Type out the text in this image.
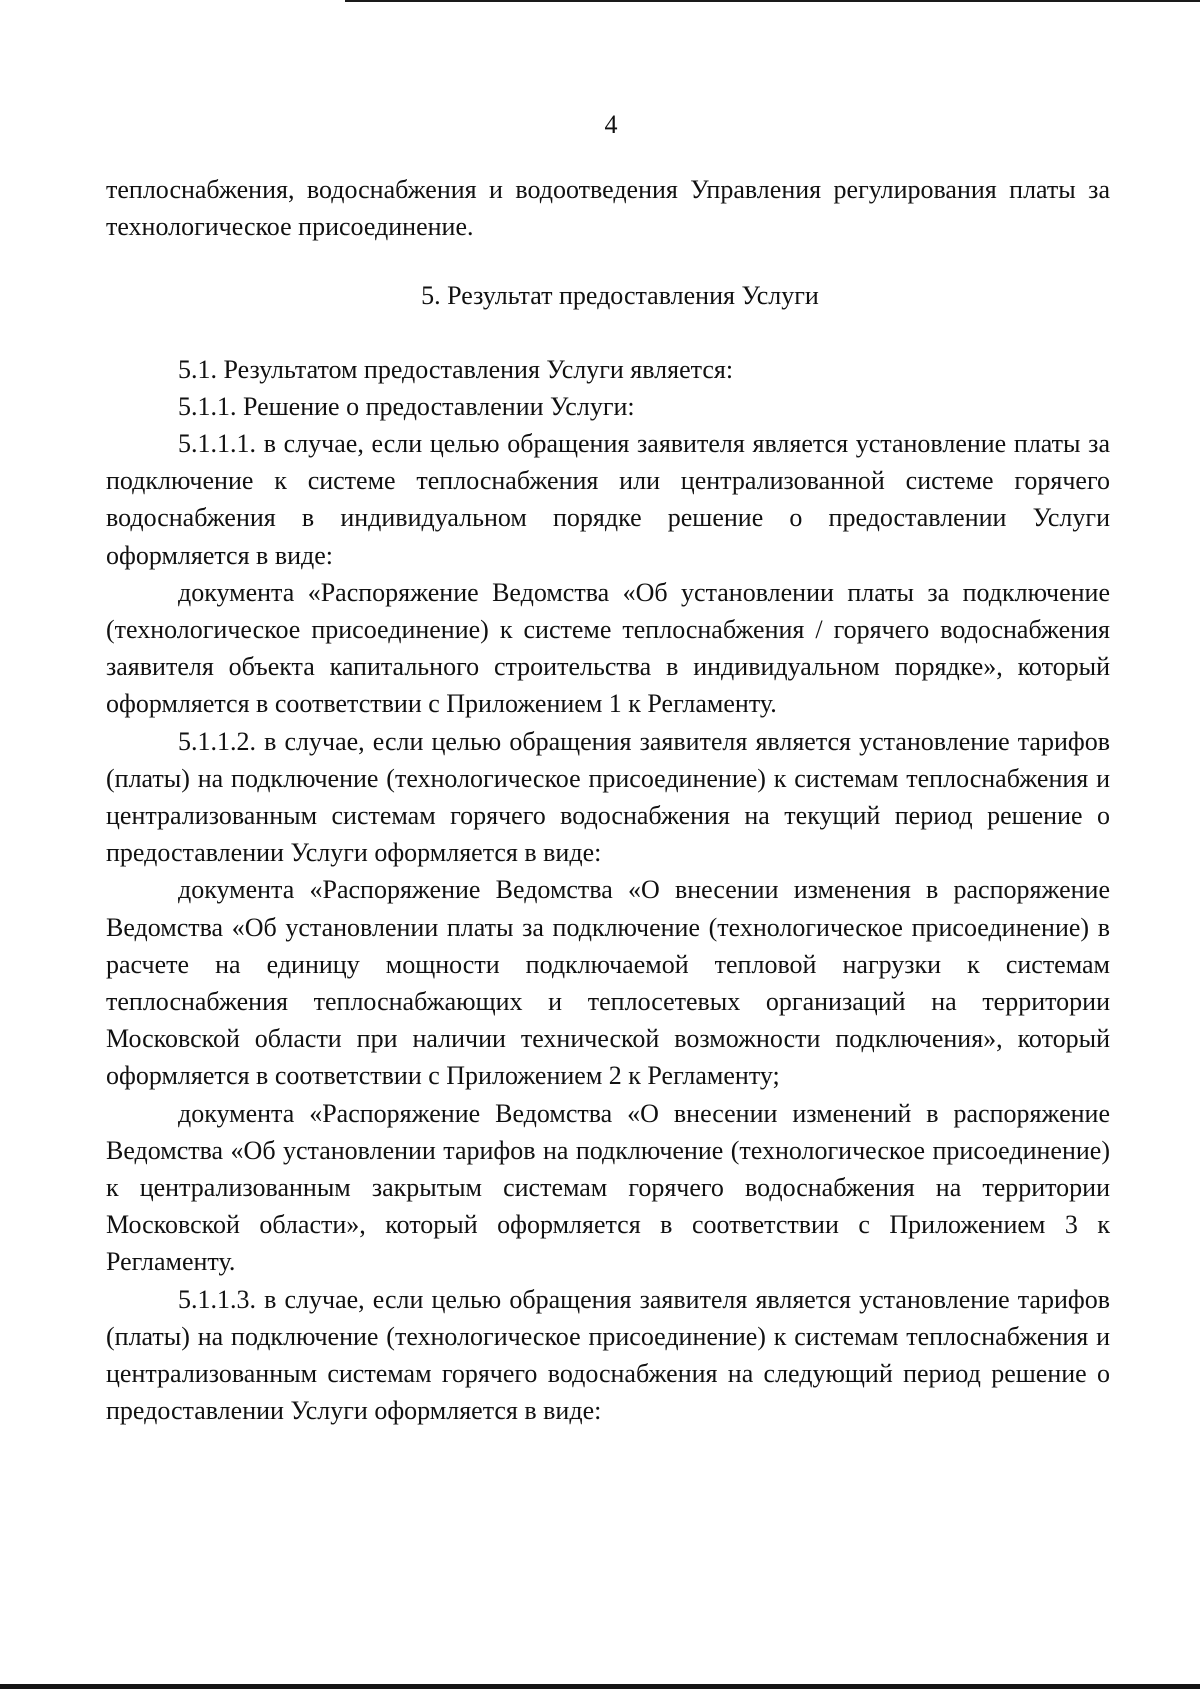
4

теплоснабжения, водоснабжения и водоотведения Управления регулирования платы за технологическое присоединение.

5. Результат предоставления Услуги

5.1. Результатом предоставления Услуги является:

5.1.1. Решение о предоставлении Услуги:

5.1.1.1. в случае, если целью обращения заявителя является установление платы за подключение к системе теплоснабжения или централизованной системе горячего водоснабжения в индивидуальном порядке решение о предоставлении Услуги оформляется в виде:

документа «Распоряжение Ведомства «Об установлении платы за подключение (технологическое присоединение) к системе теплоснабжения / горячего водоснабжения заявителя объекта капитального строительства в индивидуальном порядке», который оформляется в соответствии с Приложением 1 к Регламенту.

5.1.1.2. в случае, если целью обращения заявителя является установление тарифов (платы) на подключение (технологическое присоединение) к системам теплоснабжения и централизованным системам горячего водоснабжения на текущий период решение о предоставлении Услуги оформляется в виде:

документа «Распоряжение Ведомства «О внесении изменения в распоряжение Ведомства «Об установлении платы за подключение (технологическое присоединение) в расчете на единицу мощности подключаемой тепловой нагрузки к системам теплоснабжения теплоснабжающих и теплосетевых организаций на территории Московской области при наличии технической возможности подключения», который оформляется в соответствии с Приложением 2 к Регламенту;

документа «Распоряжение Ведомства «О внесении изменений в распоряжение Ведомства «Об установлении тарифов на подключение (технологическое присоединение) к централизованным закрытым системам горячего водоснабжения на территории Московской области», который оформляется в соответствии с Приложением 3 к Регламенту.

5.1.1.3. в случае, если целью обращения заявителя является установление тарифов (платы) на подключение (технологическое присоединение) к системам теплоснабжения и централизованным системам горячего водоснабжения на следующий период решение о предоставлении Услуги оформляется в виде:
